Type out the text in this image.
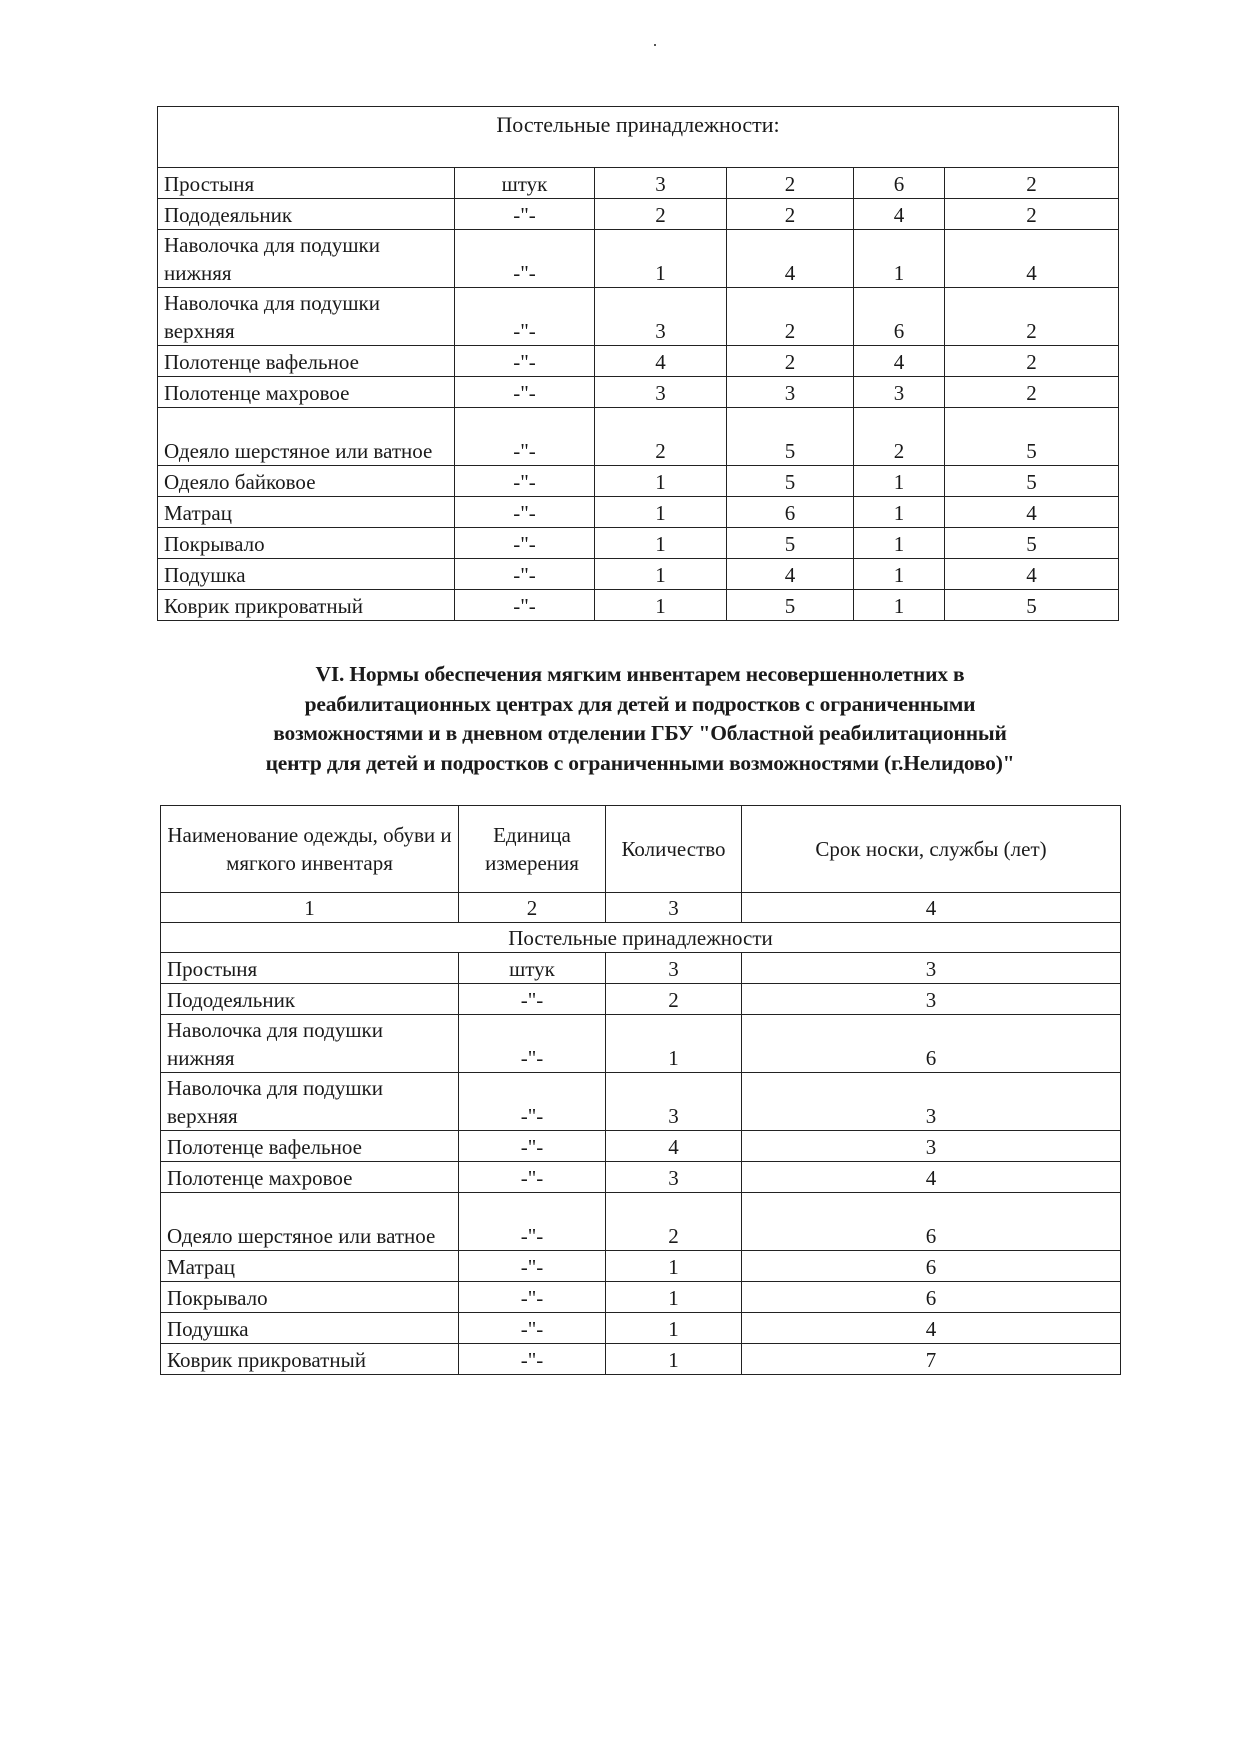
Постельные принадлежности:					
Простыня	штук	3	2	6	2
Пододеяльник	-"-	2	2	4	2
Наволочка для подушки нижняя	-"-	1	4	1	4
Наволочка для подушки верхняя	-"-	3	2	6	2
Полотенце вафельное	-"-	4	2	4	2
Полотенце махровое	-"-	3	3	3	2
Одеяло шерстяное или ватное	-"-	2	5	2	5
Одеяло байковое	-"-	1	5	1	5
Матрац	-"-	1	6	1	4
Покрывало	-"-	1	5	1	5
Подушка	-"-	1	4	1	4
Коврик прикроватный	-"-	1	5	1	5
VI. Нормы обеспечения мягким инвентарем несовершеннолетних в
реабилитационных центрах для детей и подростков с ограниченными
возможностями и в дневном отделении ГБУ "Областной реабилитационный
центр для детей и подростков с ограниченными возможностями (г.Нелидово)"
Наименование одежды, обуви и мягкого инвентаря	Единица измерения	Количество	Срок носки, службы (лет)
1	2	3	4
Постельные принадлежности			
Простыня	штук	3	3
Пододеяльник	-"-	2	3
Наволочка для подушки нижняя	-"-	1	6
Наволочка для подушки верхняя	-"-	3	3
Полотенце вафельное	-"-	4	3
Полотенце махровое	-"-	3	4
Одеяло шерстяное или ватное	-"-	2	6
Матрац	-"-	1	6
Покрывало	-"-	1	6
Подушка	-"-	1	4
Коврик прикроватный	-"-	1	7
